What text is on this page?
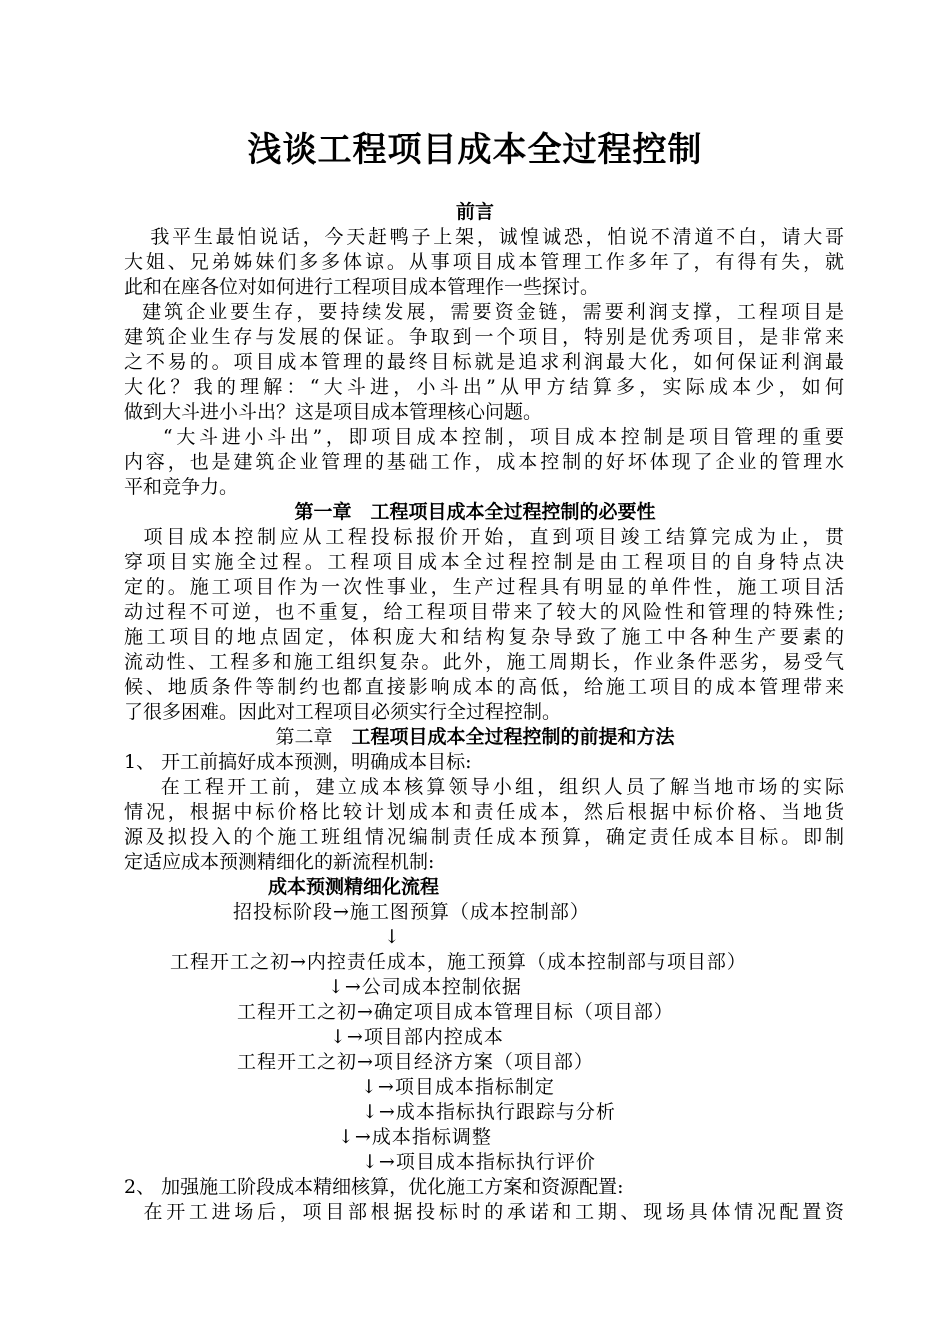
浅谈工程项目成本全过程控制
前言
我平生最怕说话，今天赶鸭子上架，诚惶诚恐，怕说不清道不白，请大哥
大姐、兄弟姊妹们多多体谅。从事项目成本管理工作多年了，有得有失，就
此和在座各位对如何进行工程项目成本管理作一些探讨。
建筑企业要生存，要持续发展，需要资金链，需要利润支撑，工程项目是
建筑企业生存与发展的保证。争取到一个项目，特别是优秀项目，是非常来
之不易的。项目成本管理的最终目标就是追求利润最大化，如何保证利润最
大化？我的理解：“大斗进，小斗出”从甲方结算多，实际成本少，如何
做到大斗进小斗出？这是项目成本管理核心问题。
“大斗进小斗出”，即项目成本控制，项目成本控制是项目管理的重要
内容，也是建筑企业管理的基础工作，成本控制的好坏体现了企业的管理水
平和竞争力。
第一章　工程项目成本全过程控制的必要性
项目成本控制应从工程投标报价开始，直到项目竣工结算完成为止，贯
穿项目实施全过程。工程项目成本全过程控制是由工程项目的自身特点决
定的。施工项目作为一次性事业，生产过程具有明显的单件性，施工项目活
动过程不可逆，也不重复，给工程项目带来了较大的风险性和管理的特殊性;
施工项目的地点固定，体积庞大和结构复杂导致了施工中各种生产要素的
流动性、工程多和施工组织复杂。此外，施工周期长，作业条件恶劣，易受气
候、地质条件等制约也都直接影响成本的高低，给施工项目的成本管理带来
了很多困难。因此对工程项目必须实行全过程控制。
第二章　 工程项目成本全过程控制的前提和方法
1、 开工前搞好成本预测，明确成本目标:
在工程开工前，建立成本核算领导小组，组织人员了解当地市场的实际
情况，根据中标价格比较计划成本和责任成本，然后根据中标价格、当地货
源及拟投入的个施工班组情况编制责任成本预算，确定责任成本目标。即制
定适应成本预测精细化的新流程机制:
成本预测精细化流程
招投标阶段→施工图预算（成本控制部）
↓
工程开工之初→内控责任成本，施工预算（成本控制部与项目部）
↓→公司成本控制依据
工程开工之初→确定项目成本管理目标（项目部）
↓→项目部内控成本
工程开工之初→项目经济方案（项目部）
↓→项目成本指标制定
↓→成本指标执行跟踪与分析
↓→成本指标调整
↓→项目成本指标执行评价
2、 加强施工阶段成本精细核算，优化施工方案和资源配置:
在开工进场后，项目部根据投标时的承诺和工期、现场具体情况配置资
